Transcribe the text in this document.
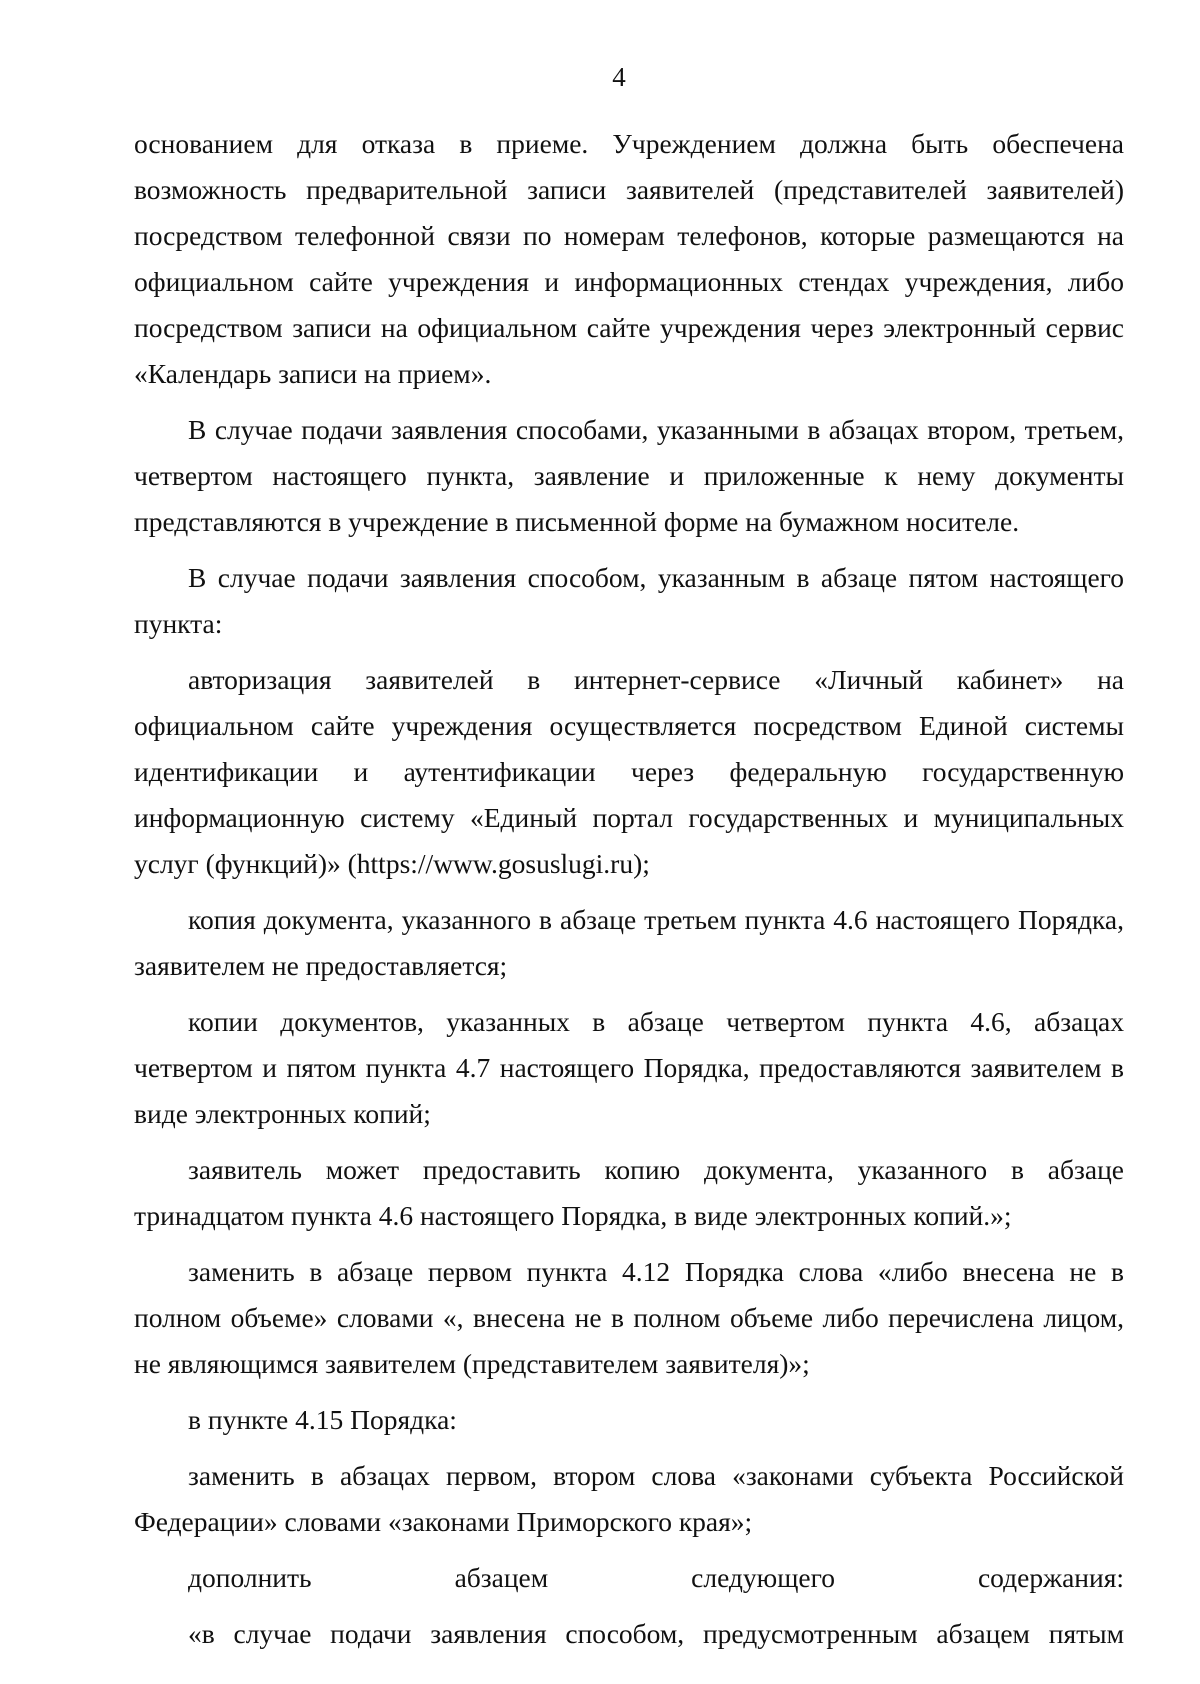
4

основанием для отказа в приеме. Учреждением должна быть обеспечена возможность предварительной записи заявителей (представителей заявителей) посредством телефонной связи по номерам телефонов, которые размещаются на официальном сайте учреждения и информационных стендах учреждения, либо посредством записи на официальном сайте учреждения через электронный сервис «Календарь записи на прием».

В случае подачи заявления способами, указанными в абзацах втором, третьем, четвертом настоящего пункта, заявление и приложенные к нему документы представляются в учреждение в письменной форме на бумажном носителе.

В случае подачи заявления способом, указанным в абзаце пятом настоящего пункта:

авторизация заявителей в интернет-сервисе «Личный кабинет» на официальном сайте учреждения осуществляется посредством Единой системы идентификации и аутентификации через федеральную государственную информационную систему «Единый портал государственных и муниципальных услуг (функций)» (https://www.gosuslugi.ru);

копия документа, указанного в абзаце третьем пункта 4.6 настоящего Порядка, заявителем не предоставляется;

копии документов, указанных в абзаце четвертом пункта 4.6, абзацах четвертом и пятом пункта 4.7 настоящего Порядка, предоставляются заявителем в виде электронных копий;

заявитель может предоставить копию документа, указанного в абзаце тринадцатом пункта 4.6 настоящего Порядка, в виде электронных копий.»;

заменить в абзаце первом пункта 4.12 Порядка слова «либо внесена не в полном объеме» словами «, внесена не в полном объеме либо перечислена лицом, не являющимся заявителем (представителем заявителя)»;

в пункте 4.15 Порядка:

заменить в абзацах первом, втором слова «законами субъекта Российской Федерации» словами «законами Приморского края»;

дополнить абзацем следующего содержания:

«в случае подачи заявления способом, предусмотренным абзацем пятым
